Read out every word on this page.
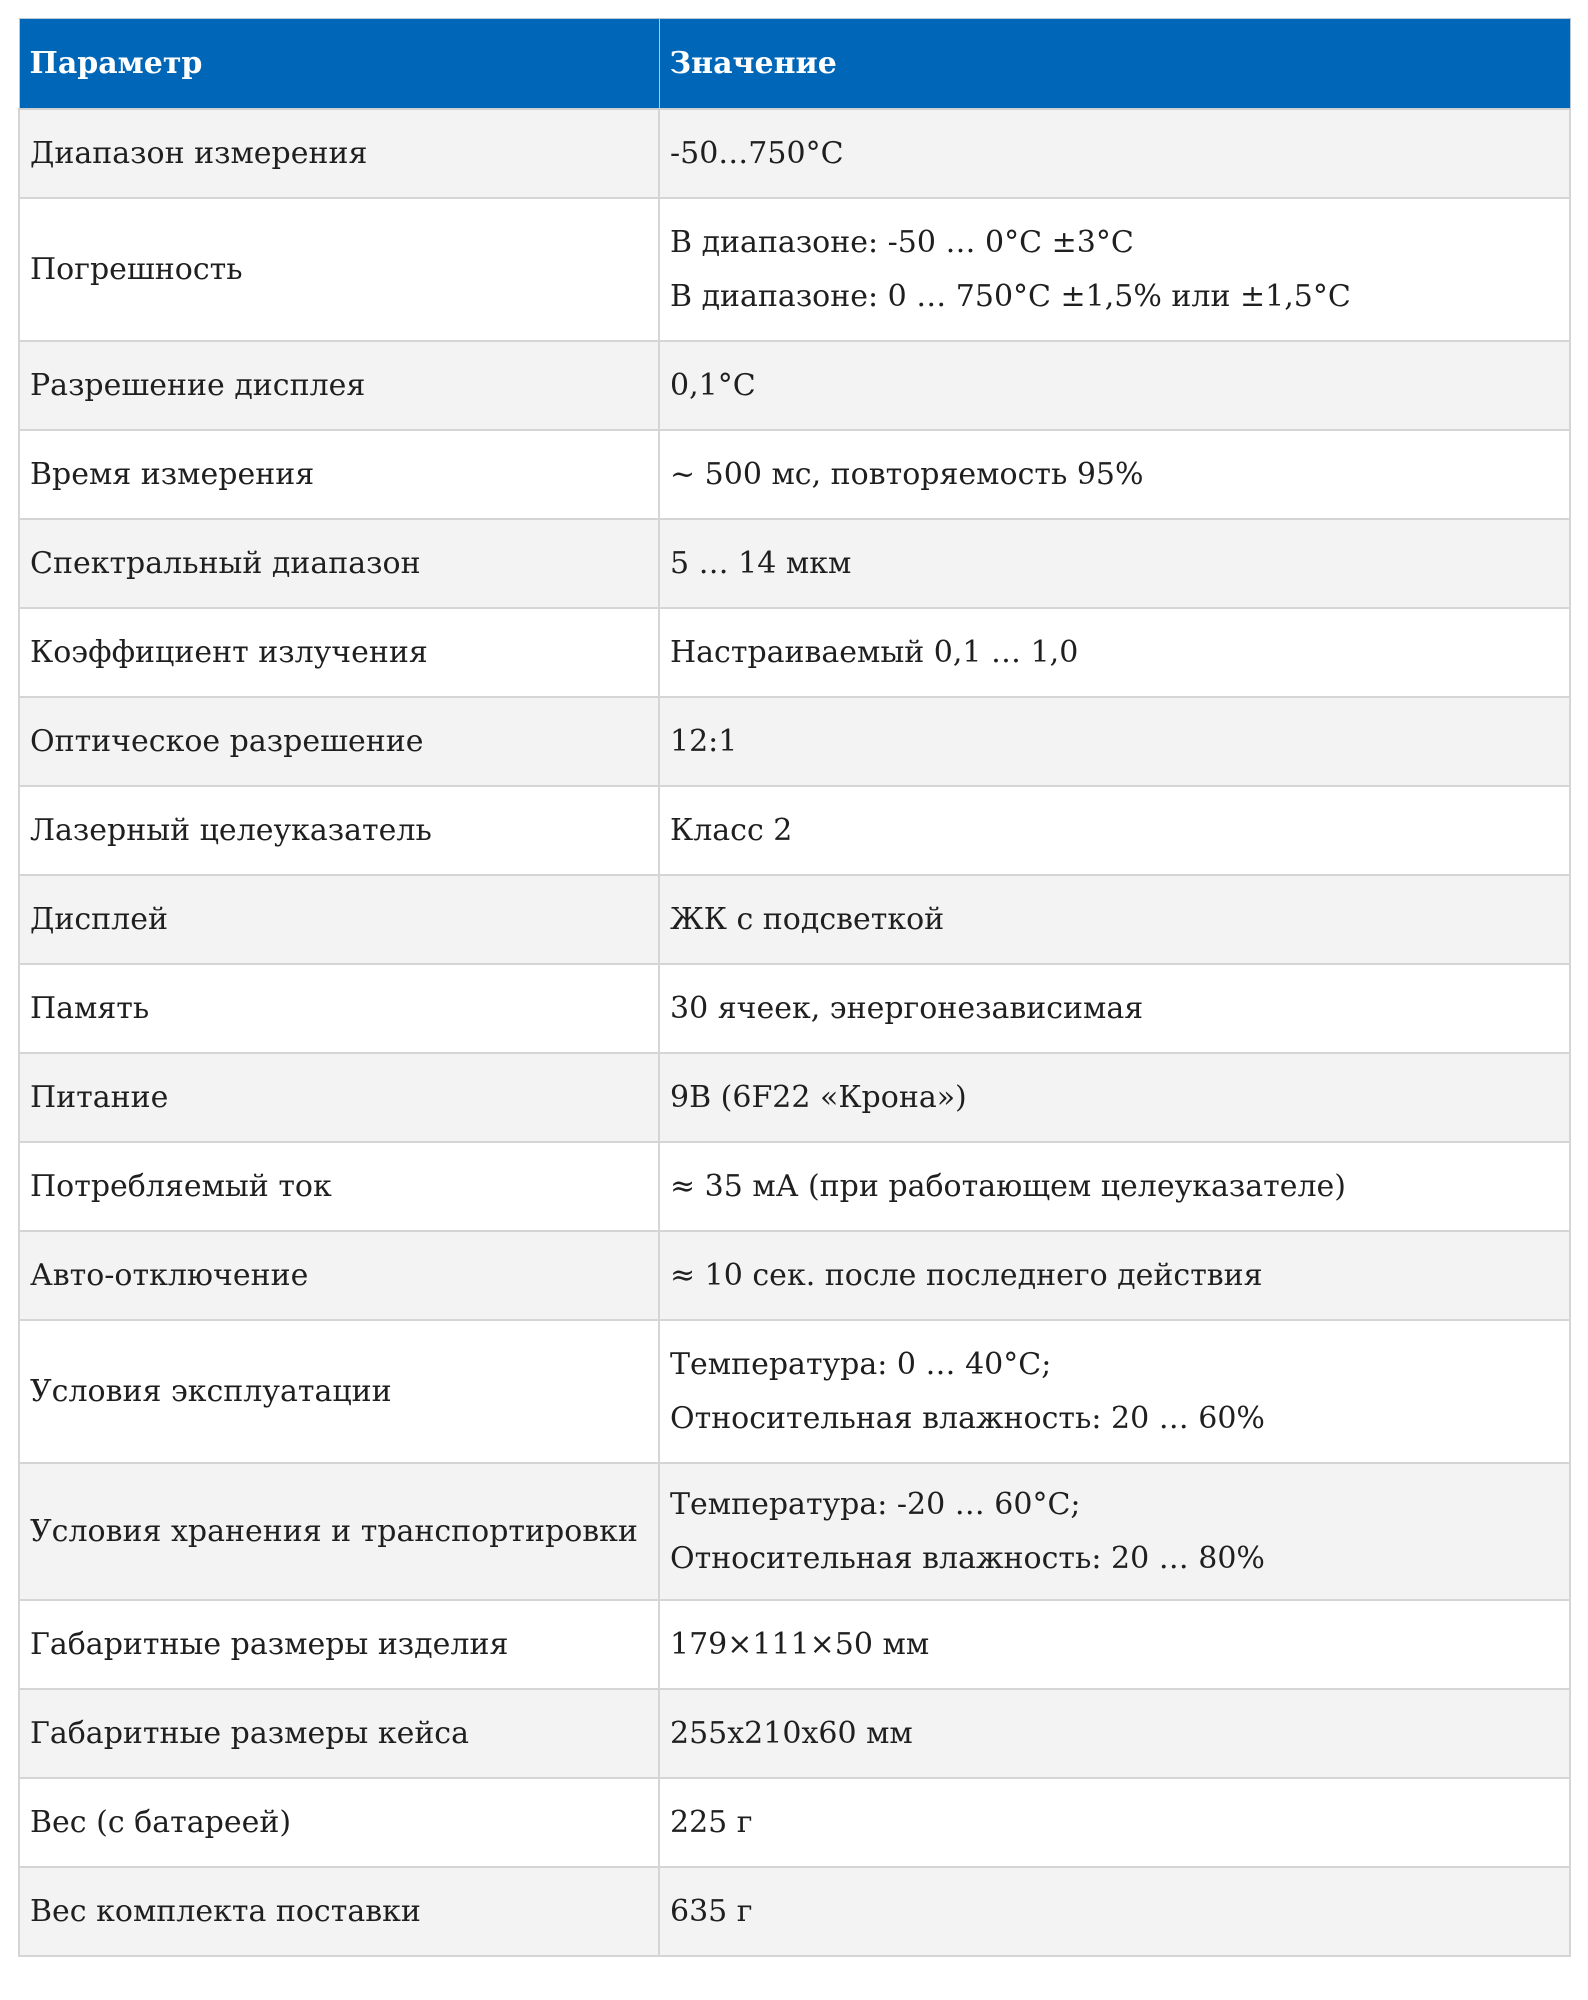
Параметр	Значение
Диапазон измерения	-50…750°С

Погрешность	В диапазоне: -50 … 0°С ±3°С
В диапазоне: 0 … 750°С ±1,5% или ±1,5°С

Разрешение дисплея	0,1°С

Время измерения	~ 500 мс, повторяемость 95%

Спектральный диапазон	5 … 14 мкм

Коэффициент излучения	Настраиваемый 0,1 … 1,0

Оптическое разрешение	12:1

Лазерный целеуказатель	Класс 2

Дисплей	ЖК с подсветкой

Память	30 ячеек, энергонезависимая

Питание	9В (6F22 «Крона»)

Потребляемый ток	≈ 35 мА (при работающем целеуказателе)

Авто-отключение	≈ 10 сек. после последнего действия

Условия эксплуатации	Температура: 0 … 40°С;
Относительная влажность: 20 … 60%

Условия хранения и транспортировки	Температура: -20 … 60°С;
Относительная влажность: 20 … 80%

Габаритные размеры изделия	179×111×50 мм

Габаритные размеры кейса	255x210x60 мм

Вес (с батареей)	225 г

Вес комплекта поставки	635 г
